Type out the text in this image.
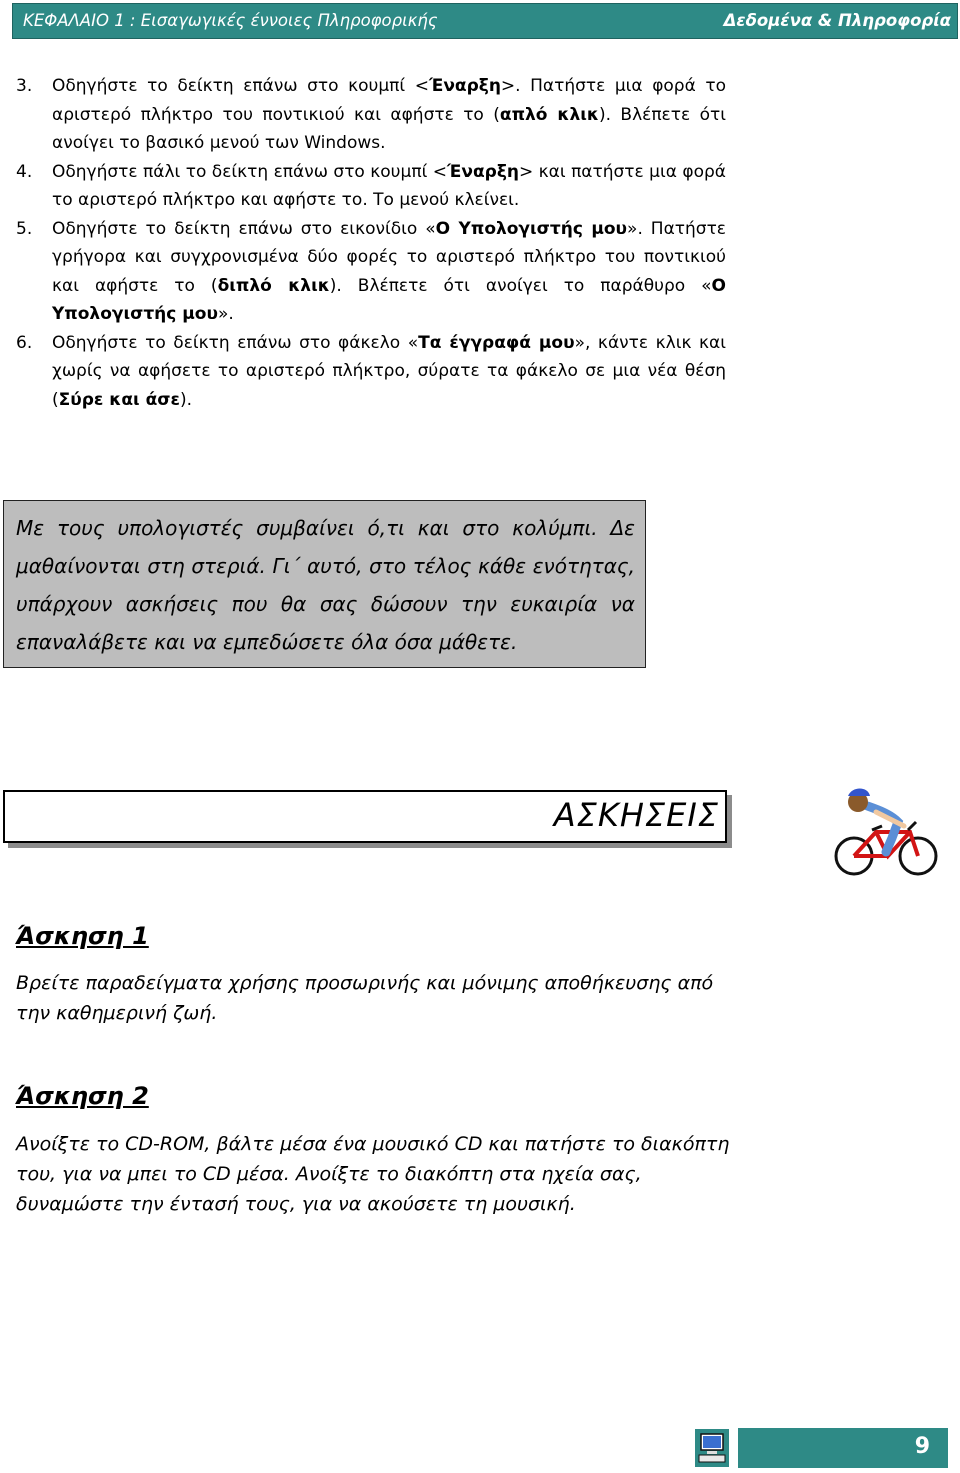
ΚΕΦΑΛΑΙΟ 1 : Εισαγωγικές έννοιες Πληροφορικής	Δεδομένα & Πληροφορία
3. Οδηγήστε το δείκτη επάνω στο κουμπί <Έναρξη>. Πατήστε μια φορά το αριστερό πλήκτρο του ποντικιού και αφήστε το (απλό κλικ). Βλέπετε ότι ανοίγει το βασικό μενού των Windows.
4. Οδηγήστε πάλι το δείκτη επάνω στο κουμπί <Έναρξη> και πατήστε μια φορά το αριστερό πλήκτρο και αφήστε το. Το μενού κλείνει.
5. Οδηγήστε το δείκτη επάνω στο εικονίδιο «Ο Υπολογιστής μου». Πατήστε γρήγορα και συγχρονισμένα δύο φορές το αριστερό πλήκτρο του ποντικιού και αφήστε το (διπλό κλικ). Βλέπετε ότι ανοίγει το παράθυρο «Ο Υπολογιστής μου».
6. Οδηγήστε το δείκτη επάνω στο φάκελο «Τα έγγραφά μου», κάντε κλικ και χωρίς να αφήσετε το αριστερό πλήκτρο, σύρατε τα φάκελο σε μια νέα θέση (Σύρε και άσε).
Με τους υπολογιστές συμβαίνει ό,τι και στο κολύμπι. Δε μαθαίνονται στη στεριά. Γι΄ αυτό, στο τέλος κάθε ενότητας, υπάρχουν ασκήσεις που θα σας δώσουν την ευκαιρία να επαναλάβετε και να εμπεδώσετε όλα όσα μάθετε.
ΑΣΚΗΣΕΙΣ
Άσκηση 1
Βρείτε παραδείγματα χρήσης προσωρινής και μόνιμης αποθήκευσης από την καθημερινή ζωή.
Άσκηση 2
Ανοίξτε το CD-ROM, βάλτε μέσα ένα μουσικό CD και πατήστε το διακόπτη του, για να μπει το CD μέσα. Ανοίξτε το διακόπτη στα ηχεία σας, δυναμώστε την έντασή τους, για να ακούσετε τη μουσική.
9
